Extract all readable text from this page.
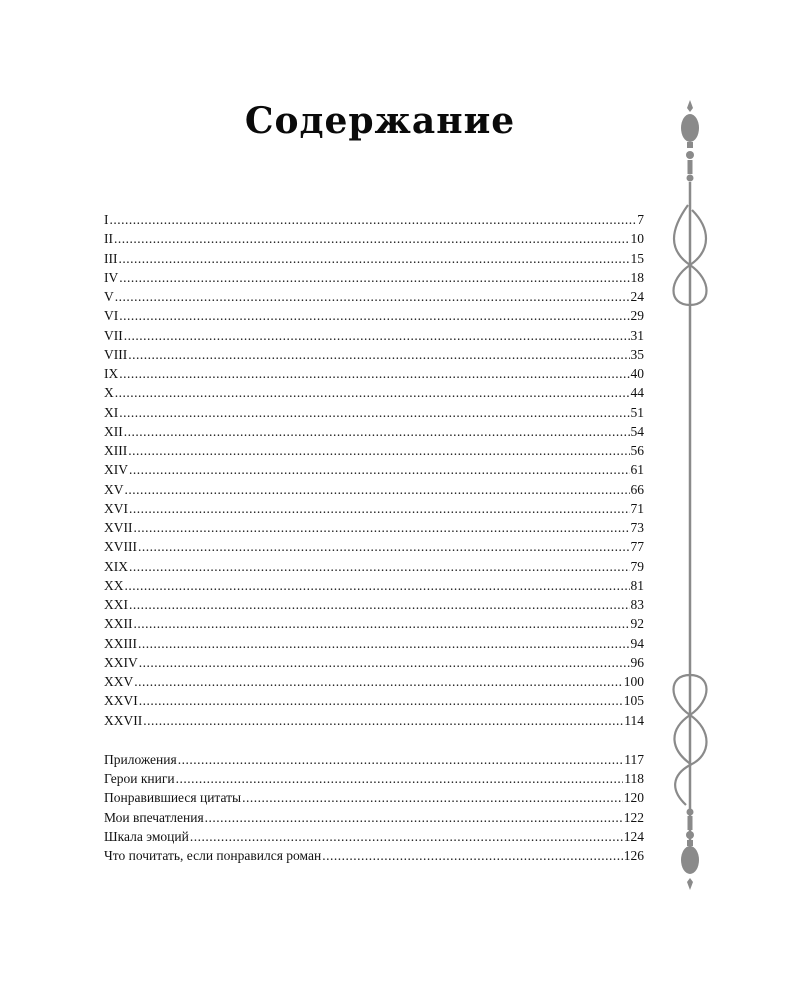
Содержание
I .....	7
II .....	10
III .....	15
IV .....	18
V .....	24
VI .....	29
VII .....	31
VIII .....	35
IX .....	40
X .....	44
XI .....	51
XII .....	54
XIII .....	56
XIV .....	61
XV .....	66
XVI .....	71
XVII .....	73
XVIII .....	77
XIX .....	79
XX .....	81
XXI .....	83
XXII .....	92
XXIII .....	94
XXIV .....	96
XXV .....	100
XXVI .....	105
XXVII .....	114
Приложения .....	117
Герои книги .....	118
Понравившиеся цитаты .....	120
Мои впечатления .....	122
Шкала эмоций .....	124
Что почитать, если понравился роман .....	126
